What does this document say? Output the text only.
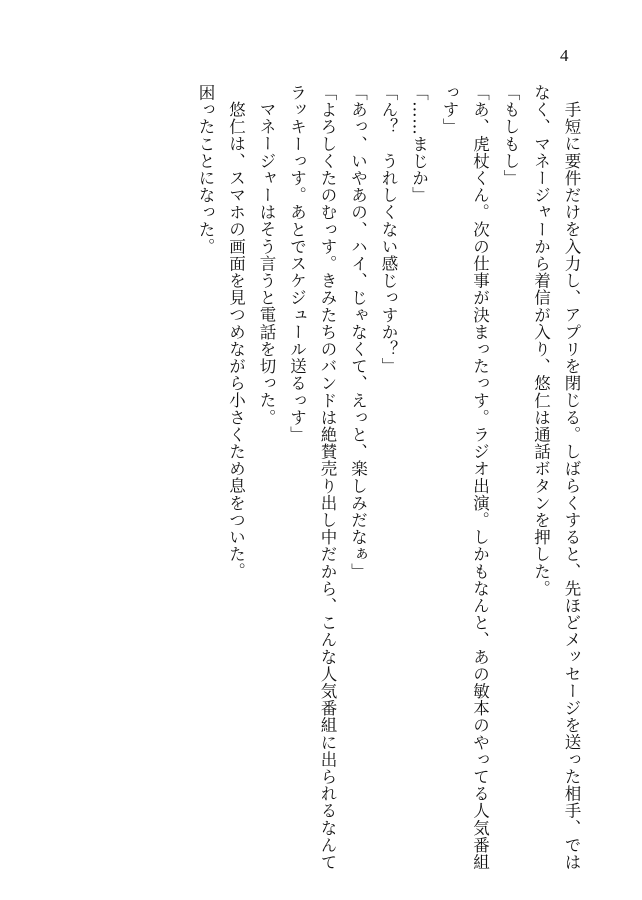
4

手短に要件だけを入力し、アプリを閉じる。しばらくすると、先ほどメッセージを送った相手、ではなく、マネージャーから着信が入り、悠仁は通話ボタンを押した。

「もしもし」

「あ、虎杖くん。次の仕事が決まったっす。ラジオ出演。しかもなんと、あの敏本のやってる人気番組っす」

「……まじか」

「ん？　うれしくない感じっすか？」

「あっ、いやあの、ハイ、じゃなくて、えっと、楽しみだなぁ」

「よろしくたのむっす。きみたちのバンドは絶賛売り出し中だから、こんな人気番組に出られるなんてラッキーっす。あとでスケジュール送るっす」

マネージャーはそう言うと電話を切った。

悠仁は、スマホの画面を見つめながら小さくため息をついた。

困ったことになった。
